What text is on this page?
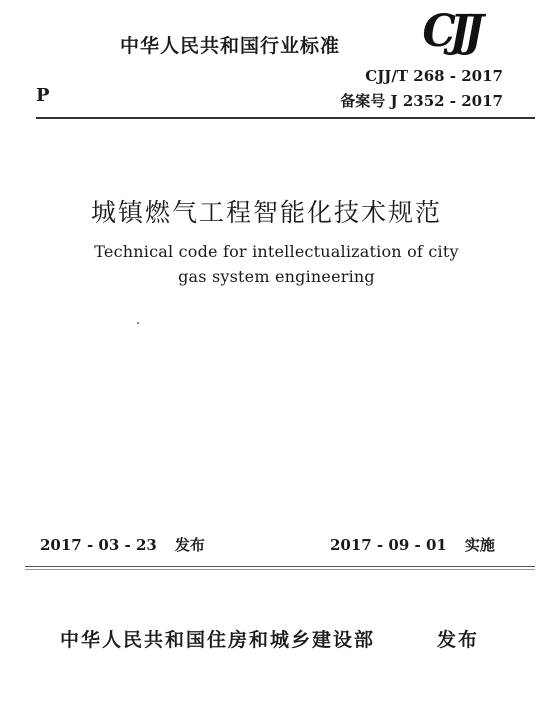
中华人民共和国行业标准 CJJ
P
CJJ/T 268 - 2017
备案号 J 2352 - 2017
城镇燃气工程智能化技术规范
Technical code for intellectualization of city
gas system engineering
2017 - 03 - 23 发布	2017 - 09 - 01 实施
中华人民共和国住房和城乡建设部	发布
